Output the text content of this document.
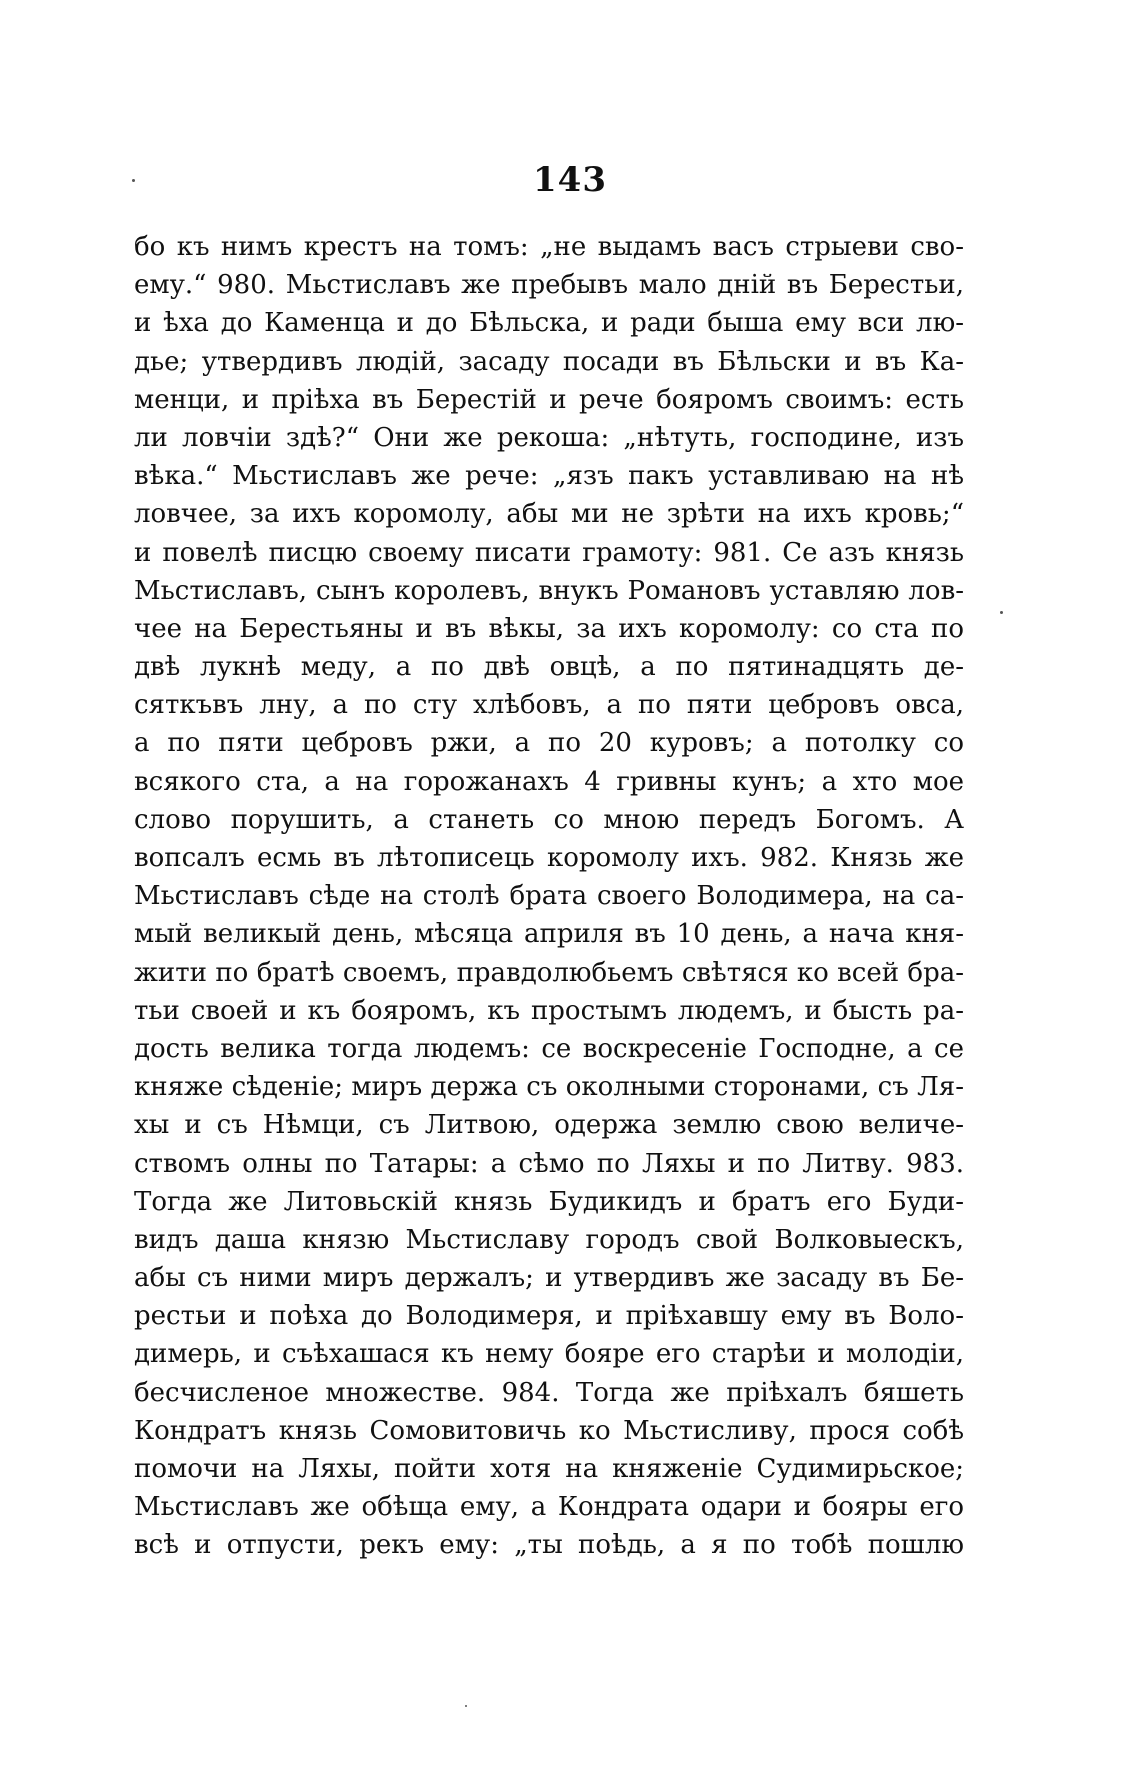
143
бо къ нимъ крестъ на томъ: „не выдамъ васъ стрыеви сво-
ему.“ 980. Мьстиславъ же пребывъ мало днiй въ Берестьи,
и ѣха до Каменца и до Бѣльска, и ради быша ему вси лю-
дье; утвердивъ людiй, засаду посади въ Бѣльски и въ Ка-
менци, и прiѣха въ Берестiй и рече бояромъ своимъ: есть
ли ловчiи здѣ?“ Они же рекоша: „нѣтуть, господине, изъ
вѣка.“ Мьстиславъ же рече: „язъ пакъ уставливаю на нѣ
ловчее, за ихъ коромолу, абы ми не зрѣти на ихъ кровь;“
и повелѣ писцю своему писати грамоту: 981. Се азъ князь
Мьстиславъ, сынъ королевъ, внукъ Романовъ уставляю лов-
чее на Берестьяны и въ вѣкы, за ихъ коромолу: со ста по
двѣ лукнѣ меду, а по двѣ овцѣ, а по пятинадцять де-
сяткъвъ лну, а по сту хлѣбовъ, а по пяти цебровъ овса,
а по пяти цебровъ ржи, а по 20 куровъ; а потолку со
всякого ста, а на горожанахъ 4 гривны кунъ; а хто мое
слово порушить, а станеть со мною передъ Богомъ. А
вопсалъ есмь въ лѣтописець коромолу ихъ. 982. Князь же
Мьстиславъ сѣде на столѣ брата своего Володимера, на са-
мый великый день, мѣсяца априля въ 10 день, а нача кня-
жити по братѣ своемъ, правдолюбьемъ свѣтяся ко всей бра-
тьи своей и къ бояромъ, къ простымъ людемъ, и бысть ра-
дость велика тогда людемъ: се воскресенiе Господне, а се
княже сѣденiе; миръ держа съ околными сторонами, съ Ля-
хы и съ Нѣмци, съ Литвою, одержа землю свою величе-
ствомъ олны по Татары: а сѣмо по Ляхы и по Литву. 983.
Тогда же Литовьскiй князь Будикидъ и братъ его Буди-
видъ даша князю Мьстиславу городъ свой Волковыескъ,
абы съ ними миръ держалъ; и утвердивъ же засаду въ Бе-
рестьи и поѣха до Володимеря, и прiѣхавшу ему въ Воло-
димерь, и съѣхашася къ нему бояре его старѣи и молодiи,
бесчисленое множестве. 984. Тогда же прiѣхалъ бяшеть
Кондратъ князь Сомовитовичь ко Мьстисливу, прося собѣ
помочи на Ляхы, пойти хотя на княженiе Судимирьское;
Мьстиславъ же обѣща ему, а Кондрата одари и бояры его
всѣ и отпусти, рекъ ему: „ты поѣдь, а я по тобѣ пошлю
